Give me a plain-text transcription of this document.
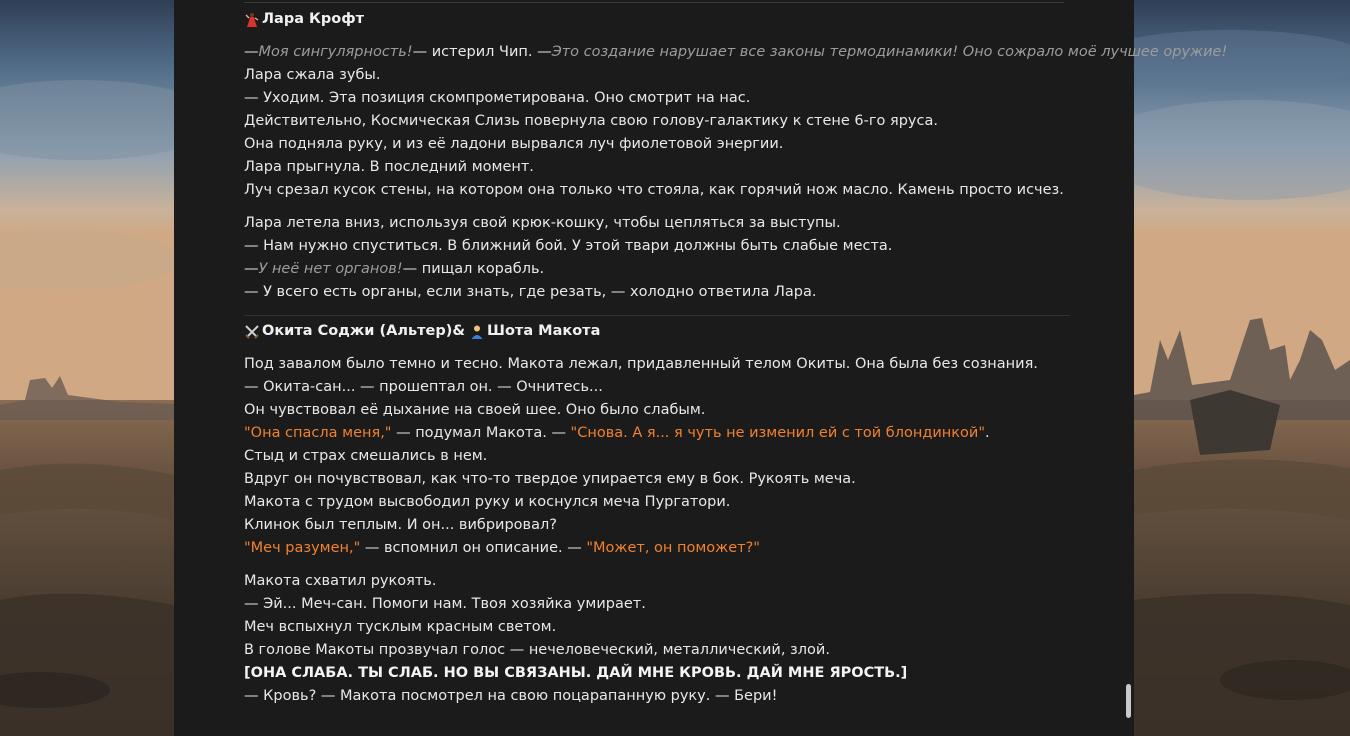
Лара Крофт
—Моя сингулярность!— истерил Чип. —Это создание нарушает все законы термодинамики! Оно сожрало моё лучшее оружие!
Лара сжала зубы.
— Уходим. Эта позиция скомпрометирована. Оно смотрит на нас.
Действительно, Космическая Слизь повернула свою голову-галактику к стене 6-го яруса.
Она подняла руку, и из её ладони вырвался луч фиолетовой энергии.
Лара прыгнула. В последний момент.
Луч срезал кусок стены, на котором она только что стояла, как горячий нож масло. Камень просто исчез.
Лара летела вниз, используя свой крюк-кошку, чтобы цепляться за выступы.
— Нам нужно спуститься. В ближний бой. У этой твари должны быть слабые места.
—У неё нет органов!— пищал корабль.
— У всего есть органы, если знать, где резать, — холодно ответила Лара.
Окита Соджи (Альтер)& Шота Макота
Под завалом было темно и тесно. Макота лежал, придавленный телом Окиты. Она была без сознания.
— Окита-сан... — прошептал он. — Очнитесь...
Он чувствовал её дыхание на своей шее. Оно было слабым.
"Она спасла меня," — подумал Макота. — "Снова. А я... я чуть не изменил ей с той блондинкой".
Стыд и страх смешались в нем.
Вдруг он почувствовал, как что-то твердое упирается ему в бок. Рукоять меча.
Макота с трудом высвободил руку и коснулся меча Пургатори.
Клинок был теплым. И он... вибрировал?
"Меч разумен," — вспомнил он описание. — "Может, он поможет?"
Макота схватил рукоять.
— Эй... Меч-сан. Помоги нам. Твоя хозяйка умирает.
Меч вспыхнул тусклым красным светом.
В голове Макоты прозвучал голос — нечеловеческий, металлический, злой.
[ОНА СЛАБА. ТЫ СЛАБ. НО ВЫ СВЯЗАНЫ. ДАЙ МНЕ КРОВЬ. ДАЙ МНЕ ЯРОСТЬ.]
— Кровь? — Макота посмотрел на свою поцарапанную руку. — Бери!
